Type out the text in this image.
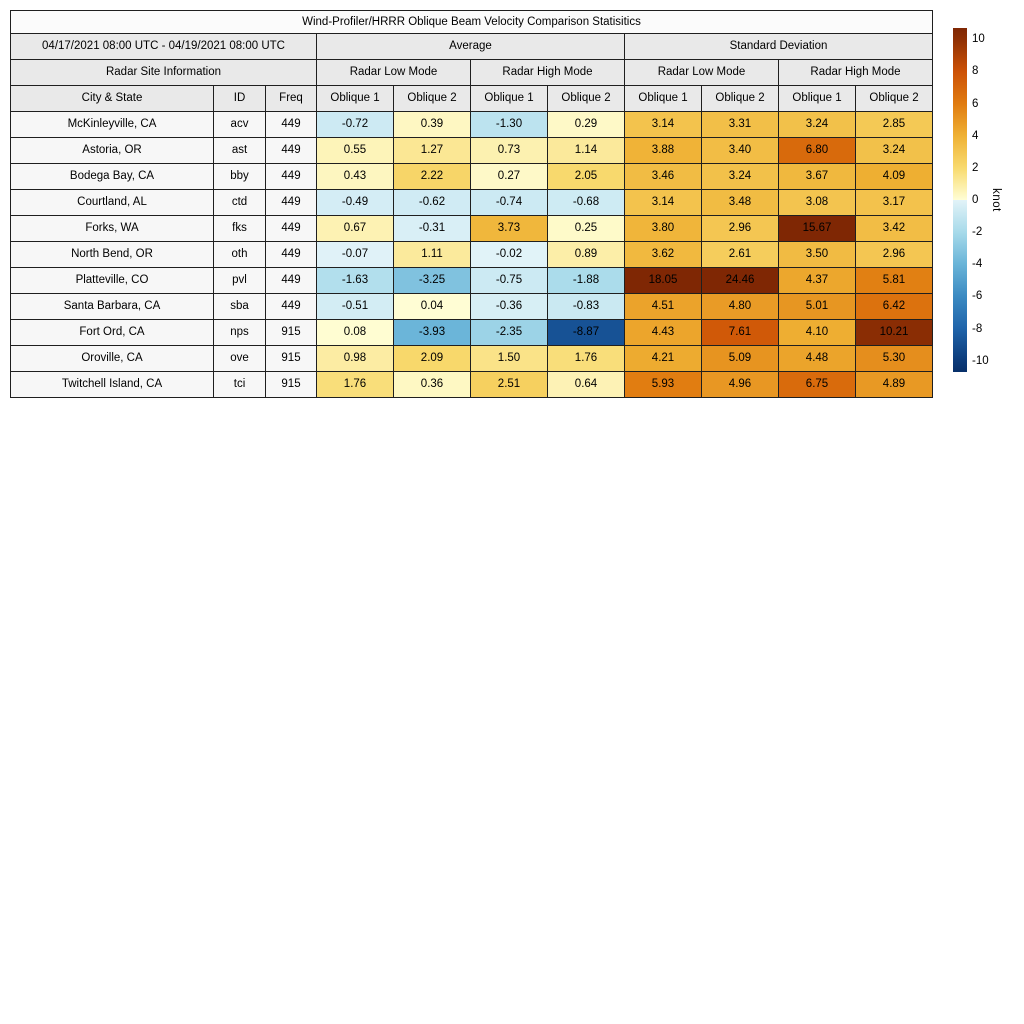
Wind-Profiler/HRRR Oblique Beam Velocity Comparison Statisitics										
04/17/2021 08:00 UTC - 04/19/2021 08:00 UTC			Average				Standard Deviation			
Radar Site Information			Radar Low Mode		Radar High Mode		Radar Low Mode		Radar High Mode	
City & State	ID	Freq	Oblique 1	Oblique 2	Oblique 1	Oblique 2	Oblique 1	Oblique 2	Oblique 1	Oblique 2
McKinleyville, CA	acv	449	-0.72	0.39	-1.30	0.29	3.14	3.31	3.24	2.85
Astoria, OR	ast	449	0.55	1.27	0.73	1.14	3.88	3.40	6.80	3.24
Bodega Bay, CA	bby	449	0.43	2.22	0.27	2.05	3.46	3.24	3.67	4.09
Courtland, AL	ctd	449	-0.49	-0.62	-0.74	-0.68	3.14	3.48	3.08	3.17
Forks, WA	fks	449	0.67	-0.31	3.73	0.25	3.80	2.96	15.67	3.42
North Bend, OR	oth	449	-0.07	1.11	-0.02	0.89	3.62	2.61	3.50	2.96
Platteville, CO	pvl	449	-1.63	-3.25	-0.75	-1.88	18.05	24.46	4.37	5.81
Santa Barbara, CA	sba	449	-0.51	0.04	-0.36	-0.83	4.51	4.80	5.01	6.42
Fort Ord, CA	nps	915	0.08	-3.93	-2.35	-8.87	4.43	7.61	4.10	10.21
Oroville, CA	ove	915	0.98	2.09	1.50	1.76	4.21	5.09	4.48	5.30
Twitchell Island, CA	tci	915	1.76	0.36	2.51	0.64	5.93	4.96	6.75	4.89
10
8
6
4
2
0
-2
-4
-6
-8
-10
knot
